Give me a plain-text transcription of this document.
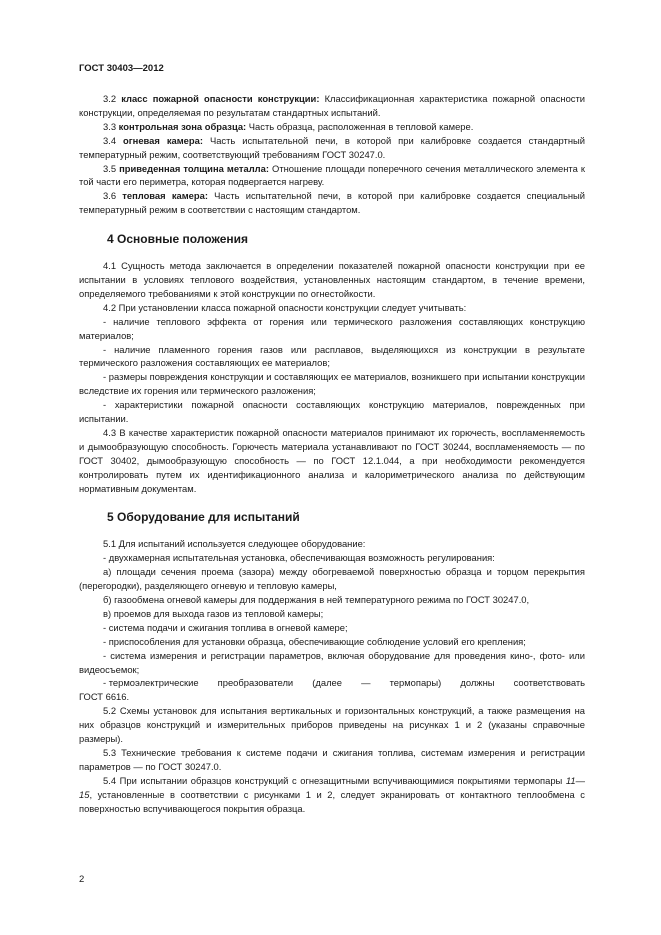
ГОСТ 30403—2012

3.2 класс пожарной опасности конструкции: Классификационная характеристика пожарной опасности конструкции, определяемая по результатам стандартных испытаний.

3.3 контрольная зона образца: Часть образца, расположенная в тепловой камере.

3.4 огневая камера: Часть испытательной печи, в которой при калибровке создается стандартный температурный режим, соответствующий требованиям ГОСТ 30247.0.

3.5 приведенная толщина металла: Отношение площади поперечного сечения металлического элемента к той части его периметра, которая подвергается нагреву.

3.6 тепловая камера: Часть испытательной печи, в которой при калибровке создается специальный температурный режим в соответствии с настоящим стандартом.

4 Основные положения

4.1 Сущность метода заключается в определении показателей пожарной опасности конструкции при ее испытании в условиях теплового воздействия, установленных настоящим стандартом, в течение времени, определяемого требованиями к этой конструкции по огнестойкости.

4.2 При установлении класса пожарной опасности конструкции следует учитывать:

- наличие теплового эффекта от горения или термического разложения составляющих конструкцию материалов;

- наличие пламенного горения газов или расплавов, выделяющихся из конструкции в результате термического разложения составляющих ее материалов;

- размеры повреждения конструкции и составляющих ее материалов, возникшего при испытании конструкции вследствие их горения или термического разложения;

- характеристики пожарной опасности составляющих конструкцию материалов, поврежденных при испытании.

4.3 В качестве характеристик пожарной опасности материалов принимают их горючесть, воспламеняемость и дымообразующую способность. Горючесть материала устанавливают по ГОСТ 30244, воспламеняемость — по ГОСТ 30402, дымообразующую способность — по ГОСТ 12.1.044, а при необходимости рекомендуется контролировать путем их идентификационного анализа и калориметрического анализа по действующим нормативным документам.

5 Оборудование для испытаний

5.1 Для испытаний используется следующее оборудование:

- двухкамерная испытательная установка, обеспечивающая возможность регулирования:

а) площади сечения проема (зазора) между обогреваемой поверхностью образца и торцом перекрытия (перегородки), разделяющего огневую и тепловую камеры,

б) газообмена огневой камеры для поддержания в ней температурного режима по ГОСТ 30247.0,

в) проемов для выхода газов из тепловой камеры;

- система подачи и сжигания топлива в огневой камере;

- приспособления для установки образца, обеспечивающие соблюдение условий его крепления;

- система измерения и регистрации параметров, включая оборудование для проведения кино-, фото- или видеосъемок;

- термоэлектрические преобразователи (далее — термопары) должны соответствовать

ГОСТ 6616.

5.2 Схемы установок для испытания вертикальных и горизонтальных конструкций, а также размещения на них образцов конструкций и измерительных приборов приведены на рисунках 1 и 2 (указаны справочные размеры).

5.3 Технические требования к системе подачи и сжигания топлива, системам измерения и регистрации параметров — по ГОСТ 30247.0.

5.4 При испытании образцов конструкций с огнезащитными вспучивающимися покрытиями термопары 11—15, установленные в соответствии с рисунками 1 и 2, следует экранировать от контактного теплообмена с поверхностью вспучивающегося покрытия образца.

2
